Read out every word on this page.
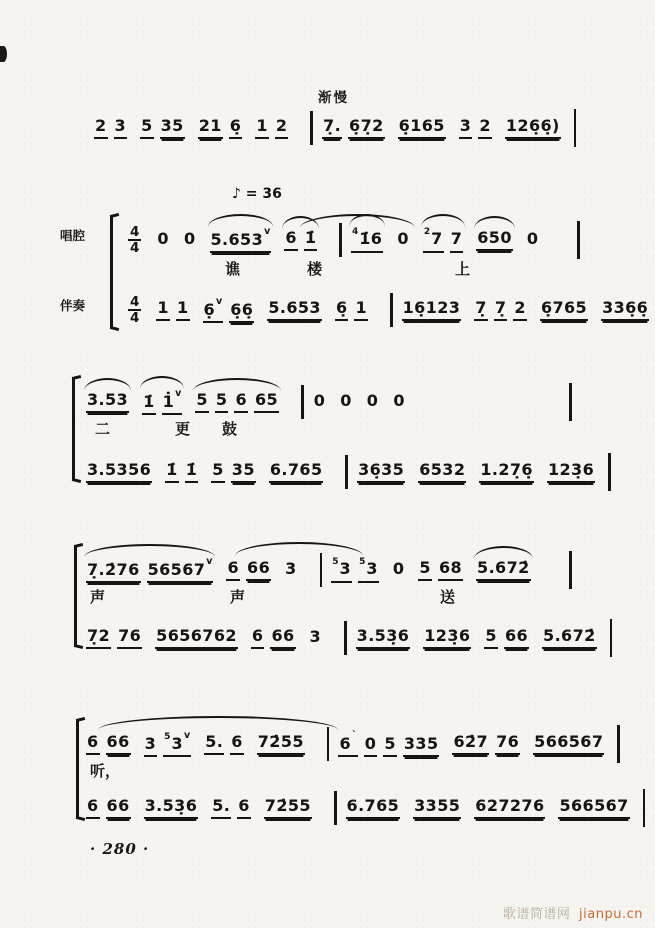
渐慢
♪ = 36
唱腔
伴奏
2 3 5 35 21 6̣ 1 2 7̣. 6̣7̣2 6̣165 3 2 126̣6̣)
$\frac{4}{4} 0$ 0 5.653$^v$ 6 1̇	$^4$1̇6 0 $^2$7 7 650 0
谯	楼	上
$\frac{4}{4} 1$ 1 6̣$^v$ 6̣6̣ 5.653 6̣ 1 16̣123 7̣ 7̣ 2 6̣765 336̣6̣
3.53 1̇ 1̇$^v$ 5 5 6 65 0 0 0 0
二	更 鼓
3.5356 1̇ 1̇ 5 35 6.765 36̣35 6532 1.27̣6̣ 123̣6
7̣.2̇76 56567$^v$ 6 66 3	$^5$3 $^5$3 0 5 68 5.672̇
声	声	送
7̣2 76 5656762 6 66 3 3.53̣6 123̣6 5 66 5.672̇
6 66 3 $^5$3$^v$ 5. 6 72̇55 $6^ˋ$ 0 5 335 62̇7 76 566567
听，
6 66 3.53̣6 5. 6 72̇55 6.765 3355 627276 566567
· 280 ·
歌谱简谱网 jianpu.cn
